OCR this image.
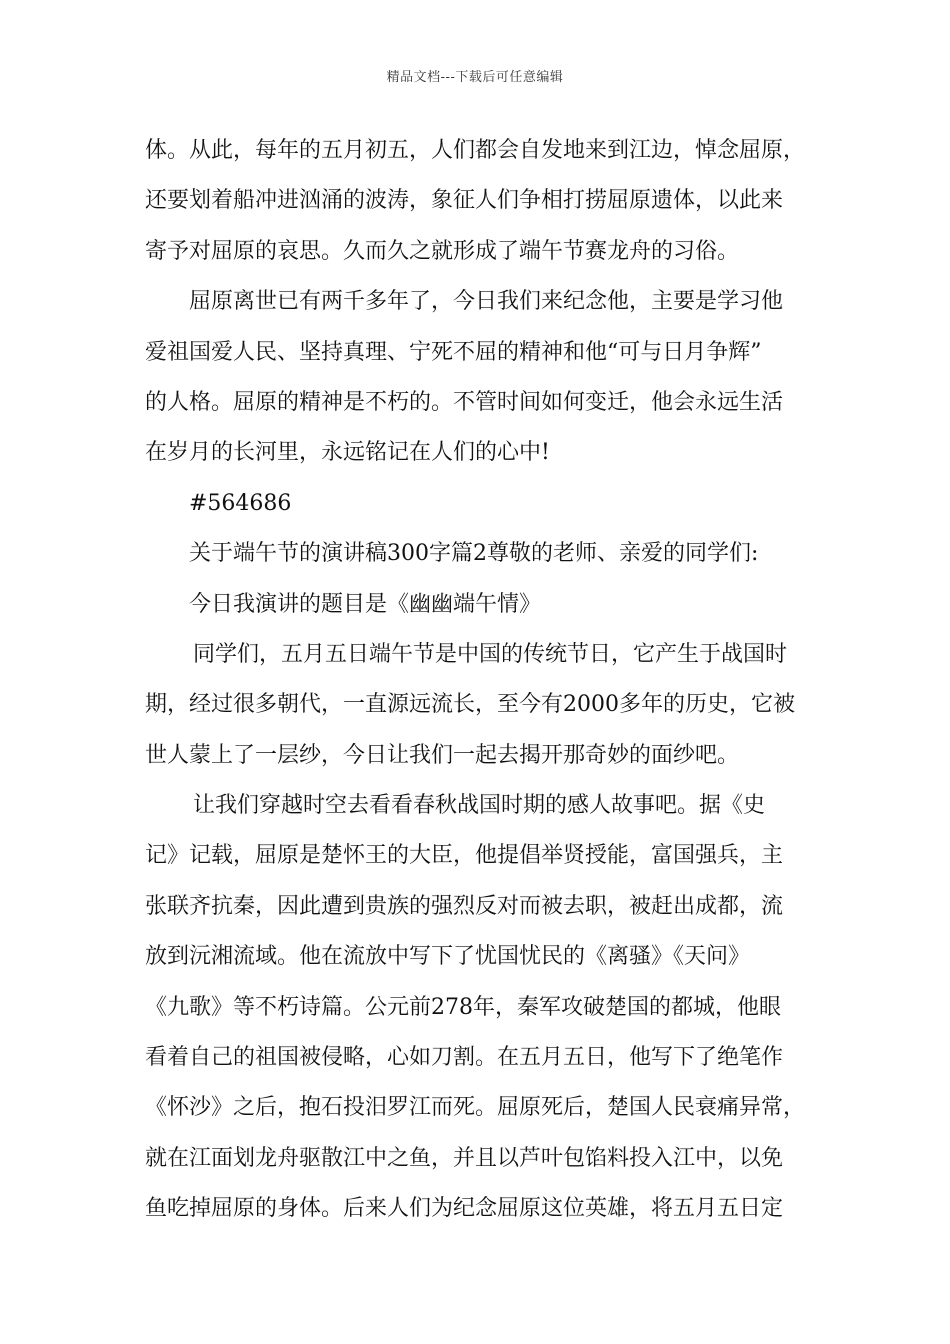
精品文档---下载后可任意编辑
体。从此，每年的五月初五，人们都会自发地来到江边，悼念屈原，
还要划着船冲进汹涌的波涛，象征人们争相打捞屈原遗体，以此来
寄予对屈原的哀思。久而久之就形成了端午节赛龙舟的习俗。
屈原离世已有两千多年了，今日我们来纪念他，主要是学习他
爱祖国爱人民、坚持真理、宁死不屈的精神和他“可与日月争辉”
的人格。屈原的精神是不朽的。不管时间如何变迁，他会永远生活
在岁月的长河里，永远铭记在人们的心中!
#564686
关于端午节的演讲稿300字篇2尊敬的老师、亲爱的同学们:
今日我演讲的题目是《幽幽端午情》
同学们，五月五日端午节是中国的传统节日，它产生于战国时
期，经过很多朝代，一直源远流长，至今有2000多年的历史，它被
世人蒙上了一层纱，今日让我们一起去揭开那奇妙的面纱吧。
让我们穿越时空去看看春秋战国时期的感人故事吧。据《史
记》记载，屈原是楚怀王的大臣，他提倡举贤授能，富国强兵，主
张联齐抗秦，因此遭到贵族的强烈反对而被去职，被赶出成都，流
放到沅湘流域。他在流放中写下了忧国忧民的《离骚》《天问》
《九歌》等不朽诗篇。公元前278年，秦军攻破楚国的都城，他眼
看着自己的祖国被侵略，心如刀割。在五月五日，他写下了绝笔作
《怀沙》之后，抱石投汨罗江而死。屈原死后，楚国人民衰痛异常，
就在江面划龙舟驱散江中之鱼，并且以芦叶包馅料投入江中，以免
鱼吃掉屈原的身体。后来人们为纪念屈原这位英雄，将五月五日定
